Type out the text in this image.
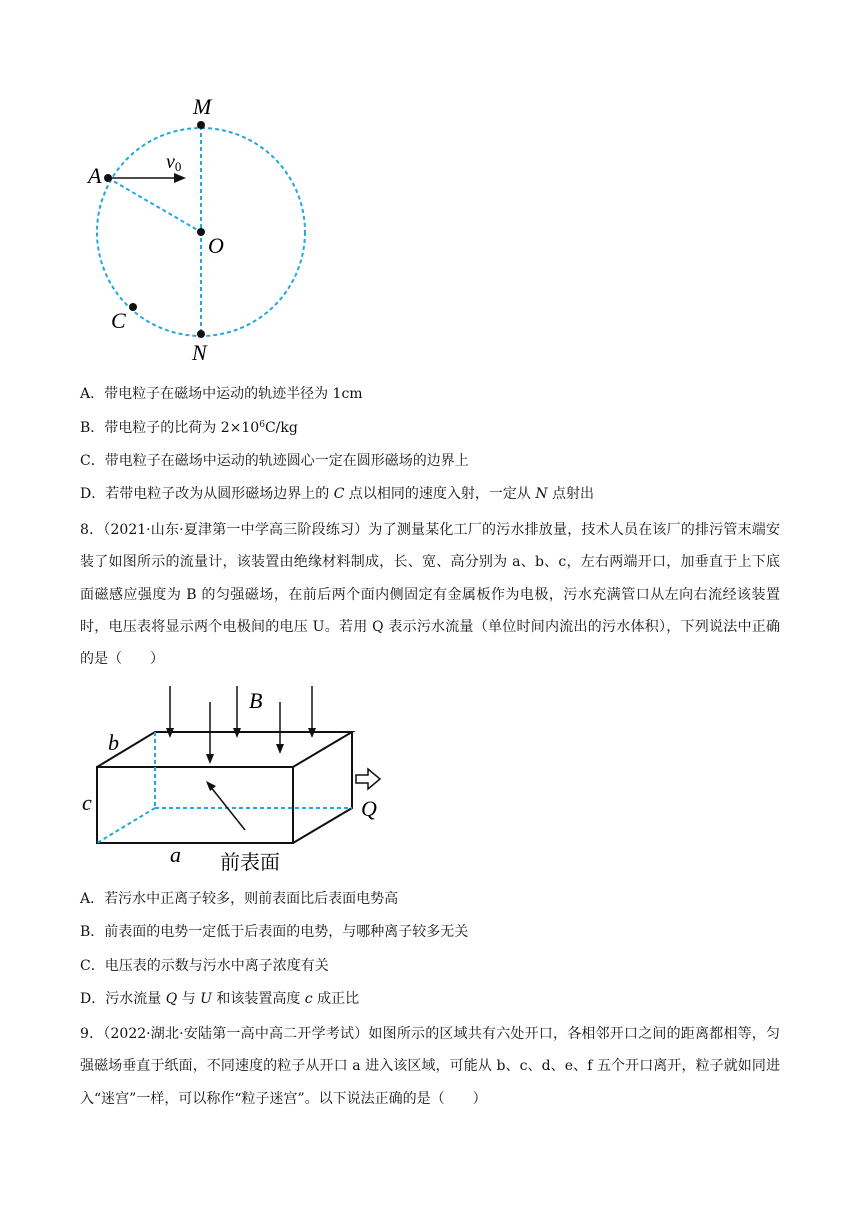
M
A
v0
O
C
N
A．带电粒子在磁场中运动的轨迹半径为 1cm
B．带电粒子的比荷为 $2\times 10^6C/kg$
C．带电粒子在磁场中运动的轨迹圆心一定在圆形磁场的边界上
D．若带电粒子改为从圆形磁场边界上的 C 点以相同的速度入射，一定从 N 点射出
8．（2021·山东·夏津第一中学高三阶段练习）为了测量某化工厂的污水排放量，技术人员在该厂的排污管末端安装了如图所示的流量计，该装置由绝缘材料制成，长、宽、高分别为 a、b、c，左右两端开口，加垂直于上下底面磁感应强度为 B 的匀强磁场，在前后两个面内侧固定有金属板作为电极，污水充满管口从左向右流经该装置时，电压表将显示两个电极间的电压 U。若用 Q 表示污水流量（单位时间内流出的污水体积），下列说法中正确的是（　　）
B
b
c
a
Q
前表面
A．若污水中正离子较多，则前表面比后表面电势高
B．前表面的电势一定低于后表面的电势，与哪种离子较多无关
C．电压表的示数与污水中离子浓度有关
D．污水流量 Q 与 U 和该装置高度 c 成正比
9．（2022·湖北·安陆第一高中高二开学考试）如图所示的区域共有六处开口，各相邻开口之间的距离都相等，匀强磁场垂直于纸面，不同速度的粒子从开口 a 进入该区域，可能从 b、c、d、e、f 五个开口离开，粒子就如同进入“迷宫”一样，可以称作“粒子迷宫”。以下说法正确的是（　　）
